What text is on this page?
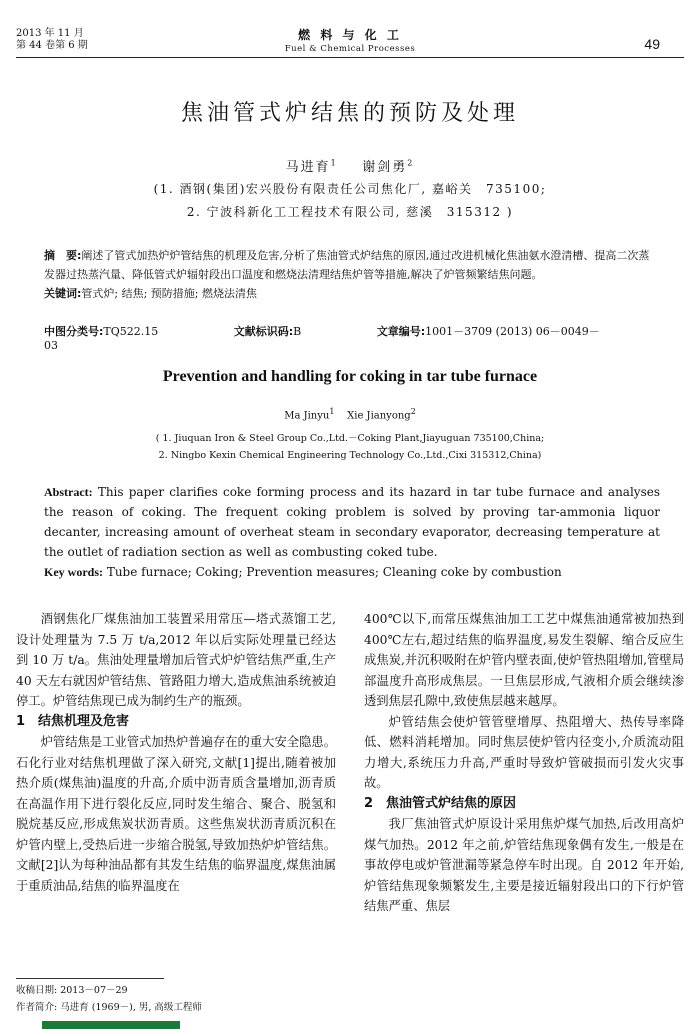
2013 年 11 月
第 44 卷第 6 期
燃 料 与 化 工
Fuel & Chemical Processes	49
焦油管式炉结焦的预防及处理
马进育$^1$ 谢剑勇$^2$
(1. 酒钢(集团)宏兴股份有限责任公司焦化厂, 嘉峪关　735100;
2. 宁波科新化工工程技术有限公司, 慈溪　315312 )
摘　要:阐述了管式加热炉炉管结焦的机理及危害,分析了焦油管式炉结焦的原因,通过改进机械化焦油氨水澄清槽、提高二次蒸发器过热蒸汽量、降低管式炉辐射段出口温度和燃烧法清理结焦炉管等措施,解决了炉管频繁结焦问题。
关键词:管式炉; 结焦; 预防措施; 燃烧法清焦
中图分类号:TQ522.15	文献标识码:B	文章编号:1001－3709 (2013) 06－0049－03
Prevention and handling for coking in tar tube furnace
Ma Jinyu$^1$ Xie Jianyong$^2$
( 1. Jiuquan Iron & Steel Group Co.,Ltd.－Coking Plant,Jiayuguan 735100,China;
2. Ningbo Kexin Chemical Engineering Technology Co.,Ltd.,Cixi 315312,China)
Abstract: This paper clarifies coke forming process and its hazard in tar tube furnace and analyses the reason of coking. The frequent coking problem is solved by proving tar-ammonia liquor decanter, increasing amount of overheat steam in secondary evaporator, decreasing temperature at the outlet of radiation section as well as combusting coked tube.
Key words: Tube furnace; Coking; Prevention measures; Cleaning coke by combustion

酒钢焦化厂煤焦油加工装置采用常压—塔式蒸馏工艺,设计处理量为 7.5 万 t/a,2012 年以后实际处理量已经达到 10 万 t/a。焦油处理量增加后管式炉炉管结焦严重,生产 40 天左右就因炉管结焦、管路阻力增大,造成焦油系统被迫停工。炉管结焦现已成为制约生产的瓶颈。

1　结焦机理及危害

炉管结焦是工业管式加热炉普遍存在的重大安全隐患。石化行业对结焦机理做了深入研究,文献[1]提出,随着被加热介质(煤焦油)温度的升高,介质中沥青质含量增加,沥青质在高温作用下进行裂化反应,同时发生缩合、聚合、脱氢和脱烷基反应,形成焦炭状沥青质。这些焦炭状沥青质沉积在炉管内壁上,受热后进一步缩合脱氢,导致加热炉炉管结焦。文献[2]认为每种油品都有其发生结焦的临界温度,煤焦油属于重质油品,结焦的临界温度在

400℃以下,而常压煤焦油加工工艺中煤焦油通常被加热到 400℃左右,超过结焦的临界温度,易发生裂解、缩合反应生成焦炭,并沉积吸附在炉管内壁表面,使炉管热阻增加,管壁局部温度升高形成焦层。一旦焦层形成,气液相介质会继续渗透到焦层孔隙中,致使焦层越来越厚。

炉管结焦会使炉管管壁增厚、热阻增大、热传导率降低、燃料消耗增加。同时焦层使炉管内径变小,介质流动阻力增大,系统压力升高,严重时导致炉管破损而引发火灾事故。

2　焦油管式炉结焦的原因

我厂焦油管式炉原设计采用焦炉煤气加热,后改用高炉煤气加热。2012 年之前,炉管结焦现象偶有发生,一般是在事故停电或炉管泄漏等紧急停车时出现。自 2012 年开始,炉管结焦现象频繁发生,主要是接近辐射段出口的下行炉管结焦严重、焦层

收稿日期: 2013－07－29
作者简介: 马进育 (1969－), 男, 高级工程师
